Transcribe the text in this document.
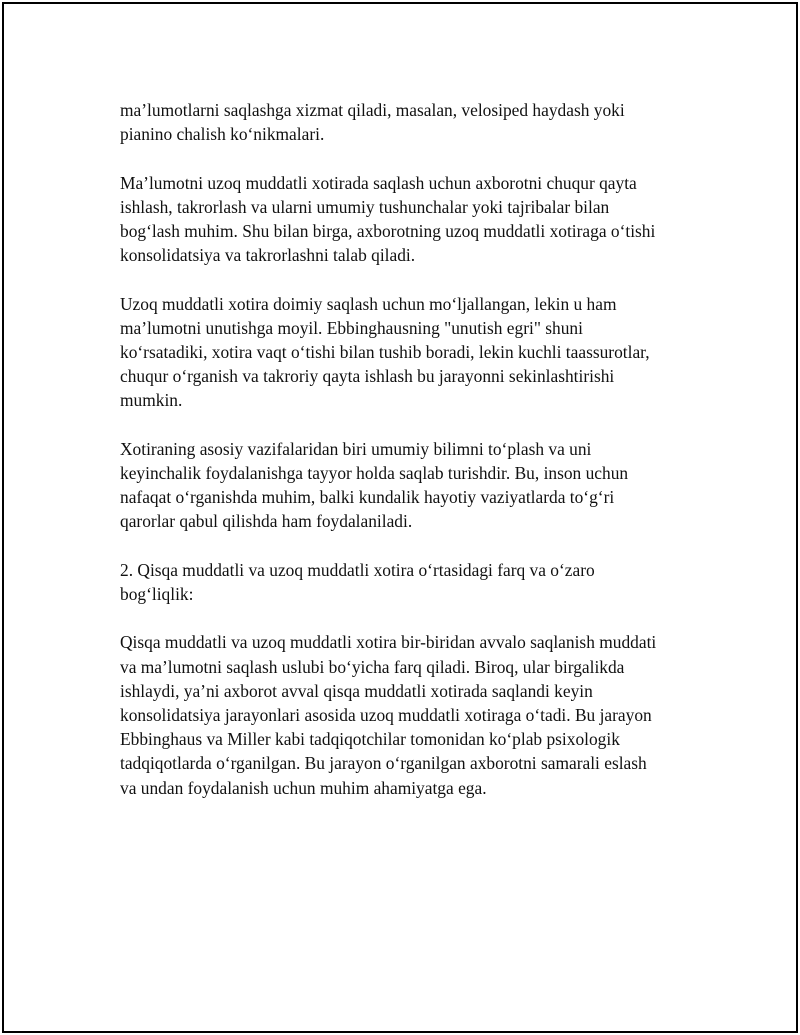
ma’lumotlarni saqlashga xizmat qiladi, masalan, velosiped haydash yoki
pianino chalish ko‘nikmalari.

Ma’lumotni uzoq muddatli xotirada saqlash uchun axborotni chuqur qayta
ishlash, takrorlash va ularni umumiy tushunchalar yoki tajribalar bilan
bog‘lash muhim. Shu bilan birga, axborotning uzoq muddatli xotiraga o‘tishi
konsolidatsiya va takrorlashni talab qiladi.

Uzoq muddatli xotira doimiy saqlash uchun mo‘ljallangan, lekin u ham
ma’lumotni unutishga moyil. Ebbinghausning "unutish egri" shuni
ko‘rsatadiki, xotira vaqt o‘tishi bilan tushib boradi, lekin kuchli taassurotlar,
chuqur o‘rganish va takroriy qayta ishlash bu jarayonni sekinlashtirishi
mumkin.

Xotiraning asosiy vazifalaridan biri umumiy bilimni to‘plash va uni
keyinchalik foydalanishga tayyor holda saqlab turishdir. Bu, inson uchun
nafaqat o‘rganishda muhim, balki kundalik hayotiy vaziyatlarda to‘g‘ri
qarorlar qabul qilishda ham foydalaniladi.

2. Qisqa muddatli va uzoq muddatli xotira o‘rtasidagi farq va o‘zaro
bog‘liqlik:

Qisqa muddatli va uzoq muddatli xotira bir-biridan avvalo saqlanish muddati
va ma’lumotni saqlash uslubi bo‘yicha farq qiladi. Biroq, ular birgalikda
ishlaydi, ya’ni axborot avval qisqa muddatli xotirada saqlandi keyin
konsolidatsiya jarayonlari asosida uzoq muddatli xotiraga o‘tadi. Bu jarayon
Ebbinghaus va Miller kabi tadqiqotchilar tomonidan ko‘plab psixologik
tadqiqotlarda o‘rganilgan. Bu jarayon o‘rganilgan axborotni samarali eslash
va undan foydalanish uchun muhim ahamiyatga ega.
